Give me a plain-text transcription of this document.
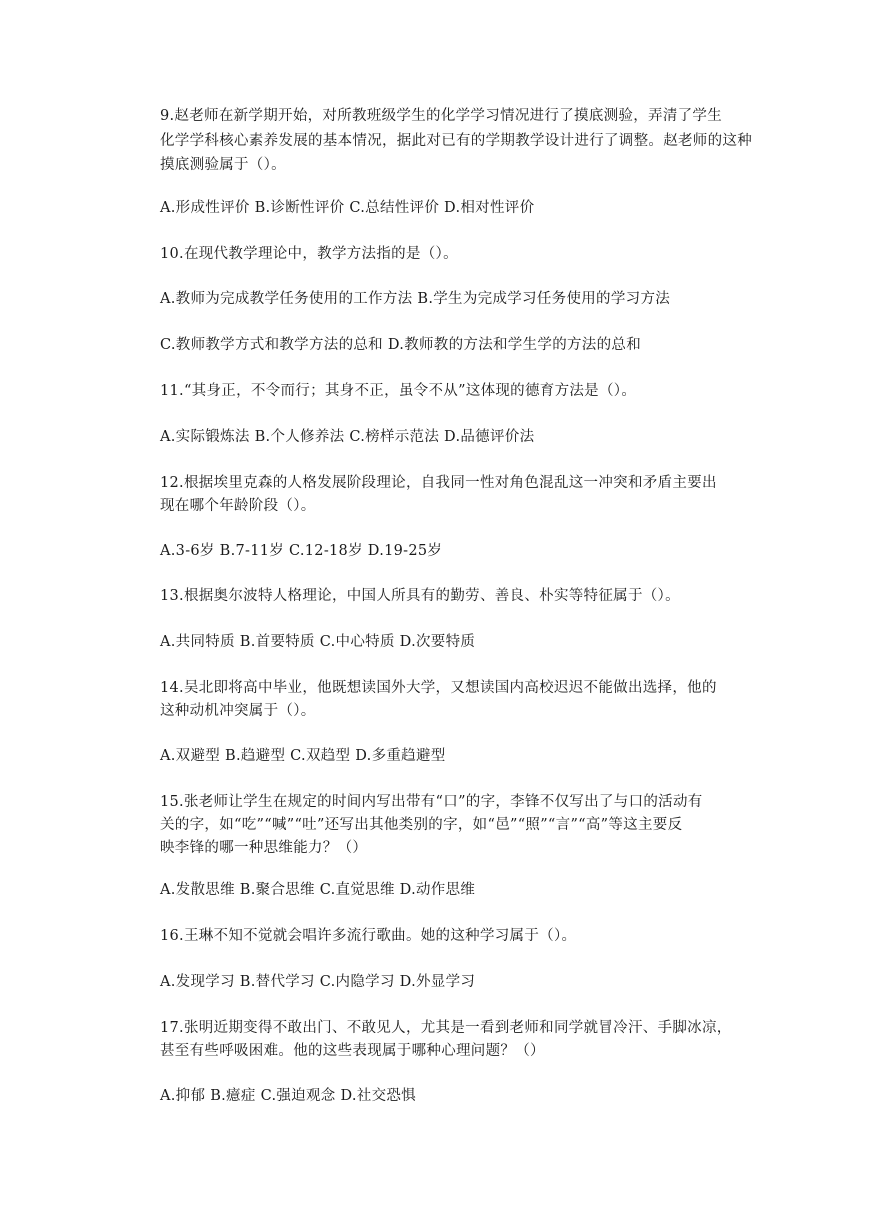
9.赵老师在新学期开始，对所教班级学生的化学学习情况进行了摸底测验，弄清了学生
化学学科核心素养发展的基本情况，据此对已有的学期教学设计进行了调整。赵老师的这种
摸底测验属于（）。
A.形成性评价 B.诊断性评价 C.总结性评价 D.相对性评价
10.在现代教学理论中，教学方法指的是（）。
A.教师为完成教学任务使用的工作方法 B.学生为完成学习任务使用的学习方法
C.教师教学方式和教学方法的总和 D.教师教的方法和学生学的方法的总和
11.“其身正，不令而行；其身不正，虽令不从”这体现的德育方法是（）。
A.实际锻炼法 B.个人修养法 C.榜样示范法 D.品德评价法
12.根据埃里克森的人格发展阶段理论，自我同一性对角色混乱这一冲突和矛盾主要出
现在哪个年龄阶段（）。
A.3-6岁 B.7-11岁 C.12-18岁 D.19-25岁
13.根据奥尔波特人格理论，中国人所具有的勤劳、善良、朴实等特征属于（）。
A.共同特质 B.首要特质 C.中心特质 D.次要特质
14.吴北即将高中毕业，他既想读国外大学，又想读国内高校迟迟不能做出选择，他的
这种动机冲突属于（）。
A.双避型 B.趋避型 C.双趋型 D.多重趋避型
15.张老师让学生在规定的时间内写出带有“口”的字，李锋不仅写出了与口的活动有
关的字，如“吃”“喊”“吐”还写出其他类别的字，如“邑”“照”“言”“高”等这主要反
映李锋的哪一种思维能力？（）
A.发散思维 B.聚合思维 C.直觉思维 D.动作思维
16.王琳不知不觉就会唱许多流行歌曲。她的这种学习属于（）。
A.发现学习 B.替代学习 C.内隐学习 D.外显学习
17.张明近期变得不敢出门、不敢见人，尤其是一看到老师和同学就冒冷汗、手脚冰凉，
甚至有些呼吸困难。他的这些表现属于哪种心理问题？（）
A.抑郁 B.癔症 C.强迫观念 D.社交恐惧
